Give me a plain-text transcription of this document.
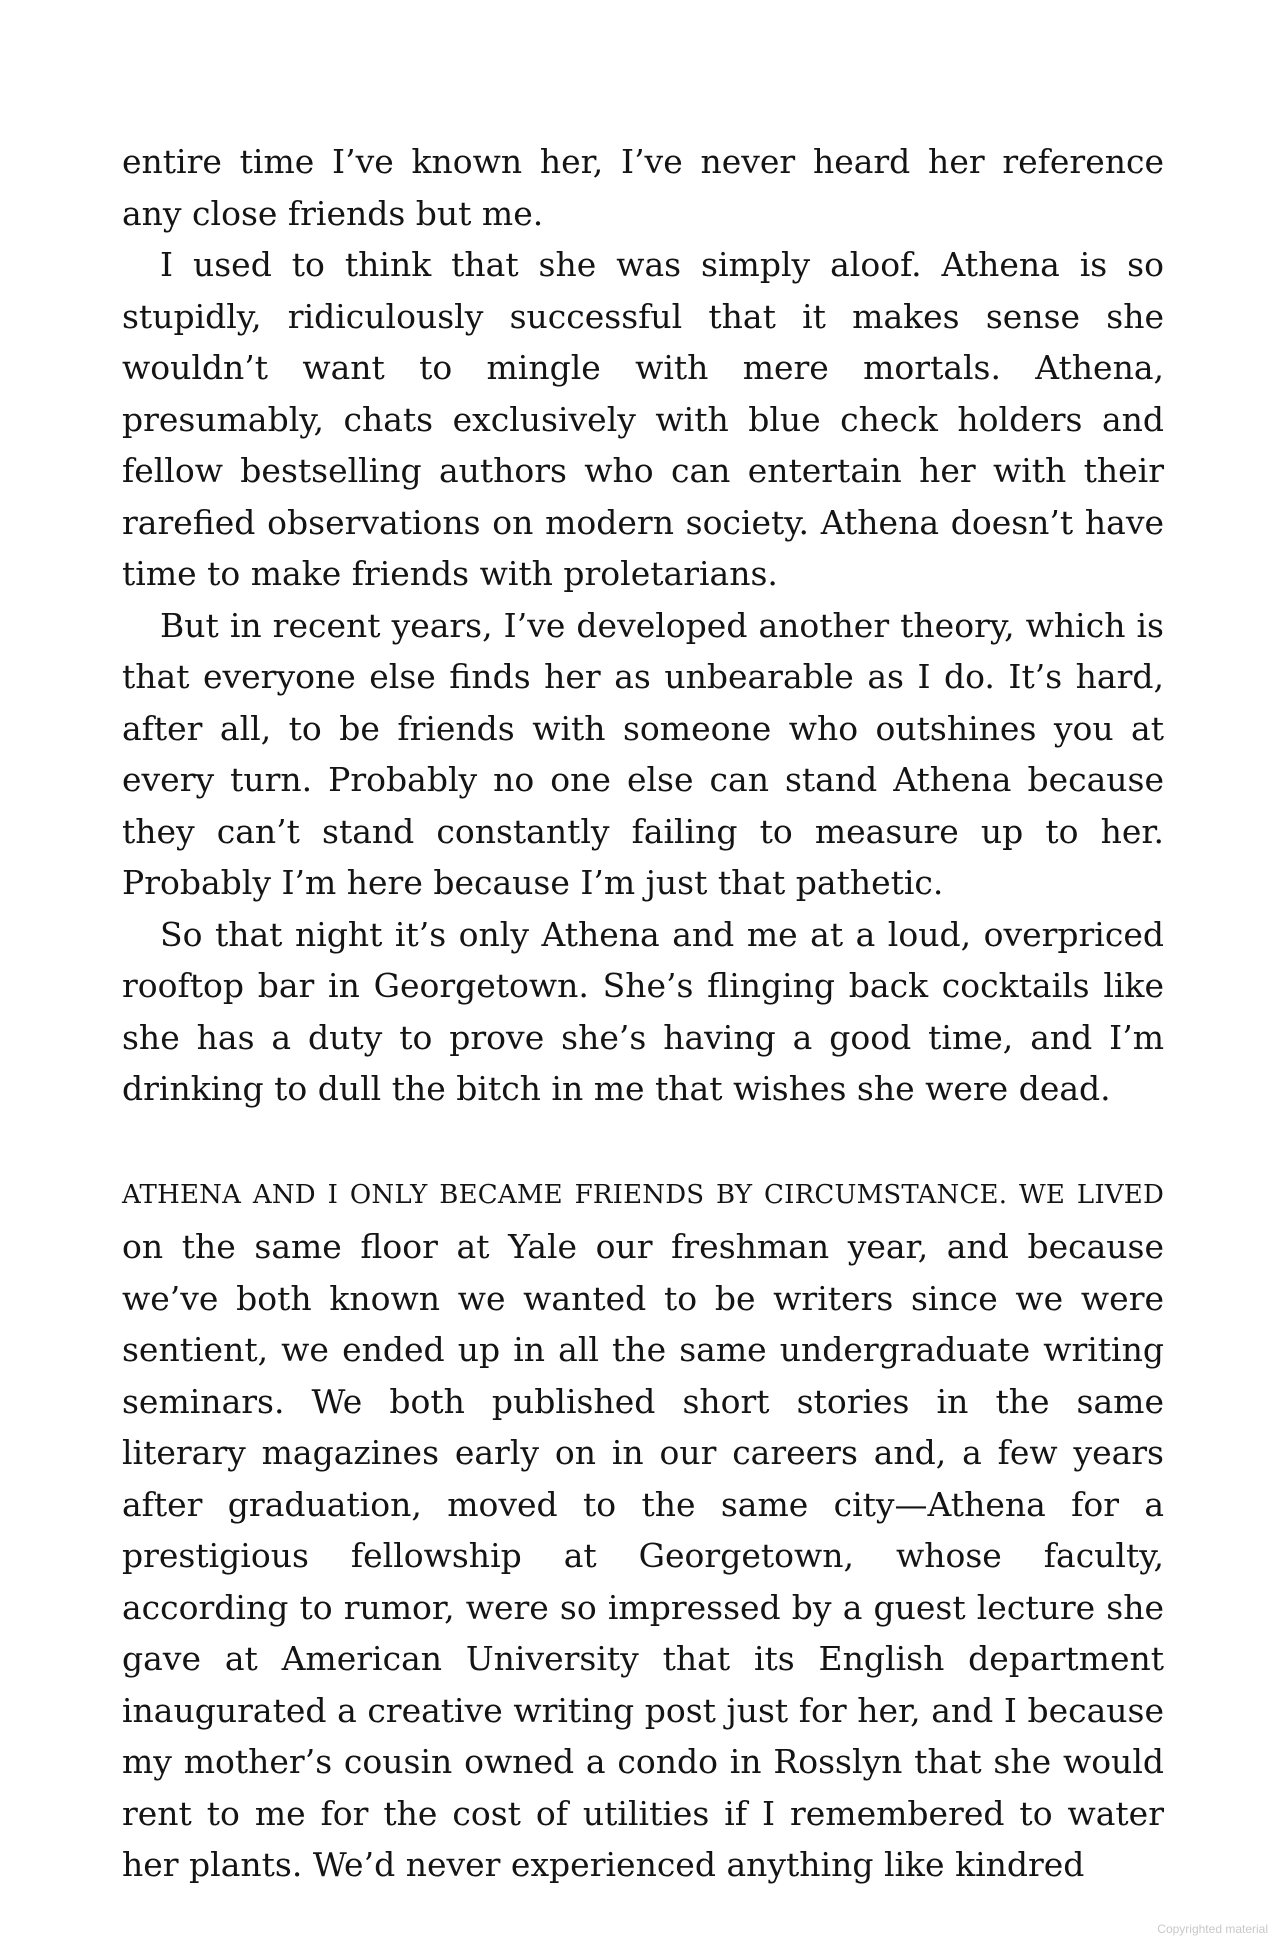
entire time I’ve known her, I’ve never heard her reference any close friends but me.

I used to think that she was simply aloof. Athena is so stupidly, ridiculously successful that it makes sense she wouldn’t want to mingle with mere mortals. Athena, presumably, chats exclusively with blue check holders and fellow bestselling authors who can entertain her with their rarefied observations on modern society. Athena doesn’t have time to make friends with proletarians.

But in recent years, I’ve developed another theory, which is that everyone else finds her as unbearable as I do. It’s hard, after all, to be friends with someone who outshines you at every turn. Probably no one else can stand Athena because they can’t stand constantly failing to measure up to her. Probably I’m here because I’m just that pathetic.

So that night it’s only Athena and me at a loud, overpriced rooftop bar in Georgetown. She’s flinging back cocktails like she has a duty to prove she’s having a good time, and I’m drinking to dull the bitch in me that wishes she were dead.

ATHENA AND I ONLY BECAME FRIENDS BY CIRCUMSTANCE. WE LIVED on the same floor at Yale our freshman year, and because we’ve both known we wanted to be writers since we were sentient, we ended up in all the same undergraduate writing seminars. We both published short stories in the same literary magazines early on in our careers and, a few years after graduation, moved to the same city—Athena for a prestigious fellowship at Georgetown, whose faculty, according to rumor, were so impressed by a guest lecture she gave at American University that its English department inaugurated a creative writing post just for her, and I because my mother’s cousin owned a condo in Rosslyn that she would rent to me for the cost of utilities if I remembered to water her plants. We’d never experienced anything like kindred

Copyrighted material
